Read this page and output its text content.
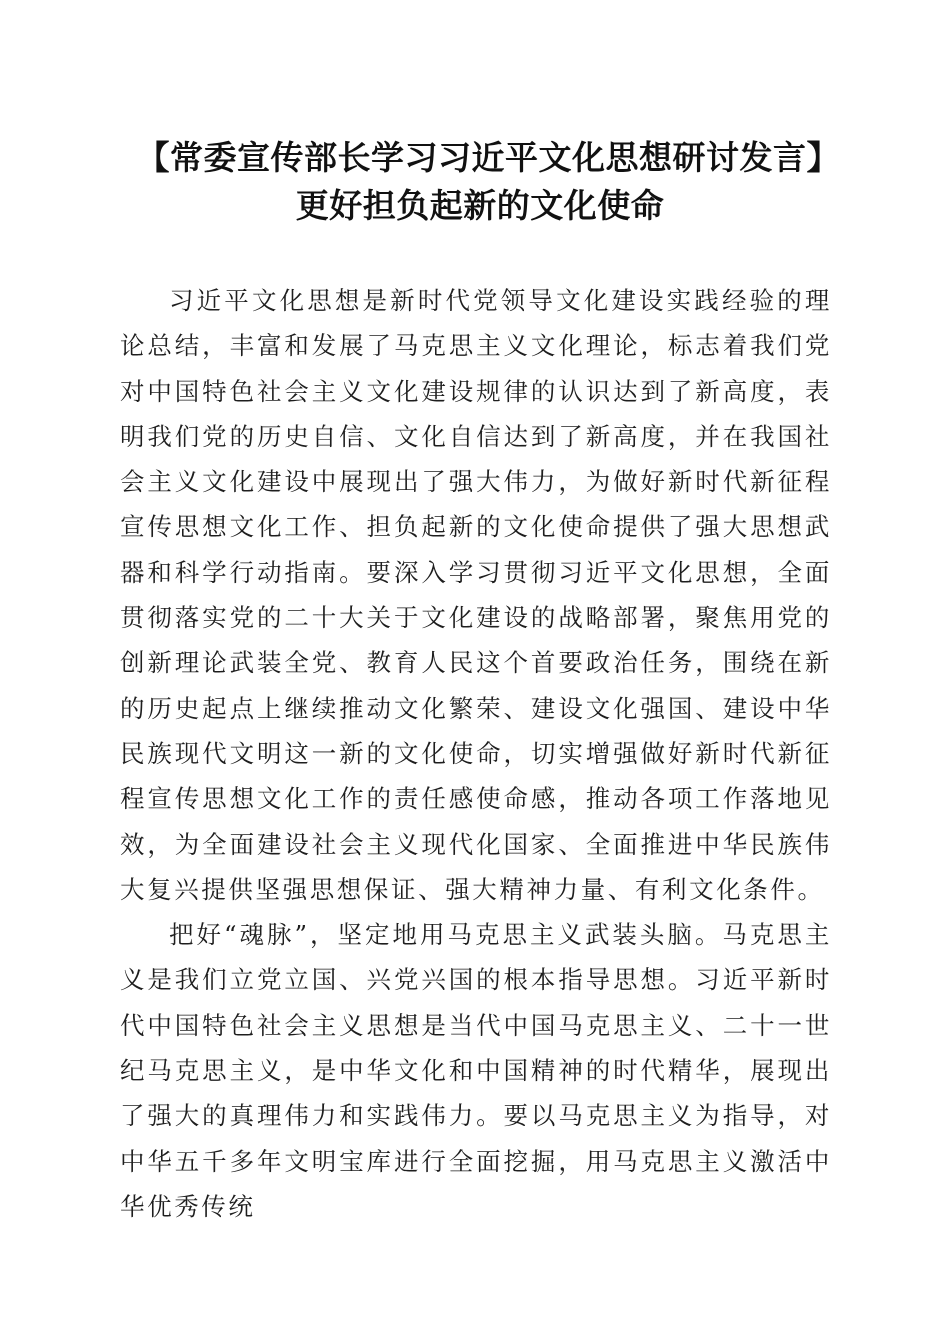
【常委宣传部长学习习近平文化思想研讨发言】更好担负起新的文化使命

习近平文化思想是新时代党领导文化建设实践经验的理论总结，丰富和发展了马克思主义文化理论，标志着我们党对中国特色社会主义文化建设规律的认识达到了新高度，表明我们党的历史自信、文化自信达到了新高度，并在我国社会主义文化建设中展现出了强大伟力，为做好新时代新征程宣传思想文化工作、担负起新的文化使命提供了强大思想武器和科学行动指南。要深入学习贯彻习近平文化思想，全面贯彻落实党的二十大关于文化建设的战略部署，聚焦用党的创新理论武装全党、教育人民这个首要政治任务，围绕在新的历史起点上继续推动文化繁荣、建设文化强国、建设中华民族现代文明这一新的文化使命，切实增强做好新时代新征程宣传思想文化工作的责任感使命感，推动各项工作落地见效，为全面建设社会主义现代化国家、全面推进中华民族伟大复兴提供坚强思想保证、强大精神力量、有利文化条件。

把好“魂脉”，坚定地用马克思主义武装头脑。马克思主义是我们立党立国、兴党兴国的根本指导思想。习近平新时代中国特色社会主义思想是当代中国马克思主义、二十一世纪马克思主义，是中华文化和中国精神的时代精华，展现出了强大的真理伟力和实践伟力。要以马克思主义为指导，对中华五千多年文明宝库进行全面挖掘，用马克思主义激活中华优秀传统
